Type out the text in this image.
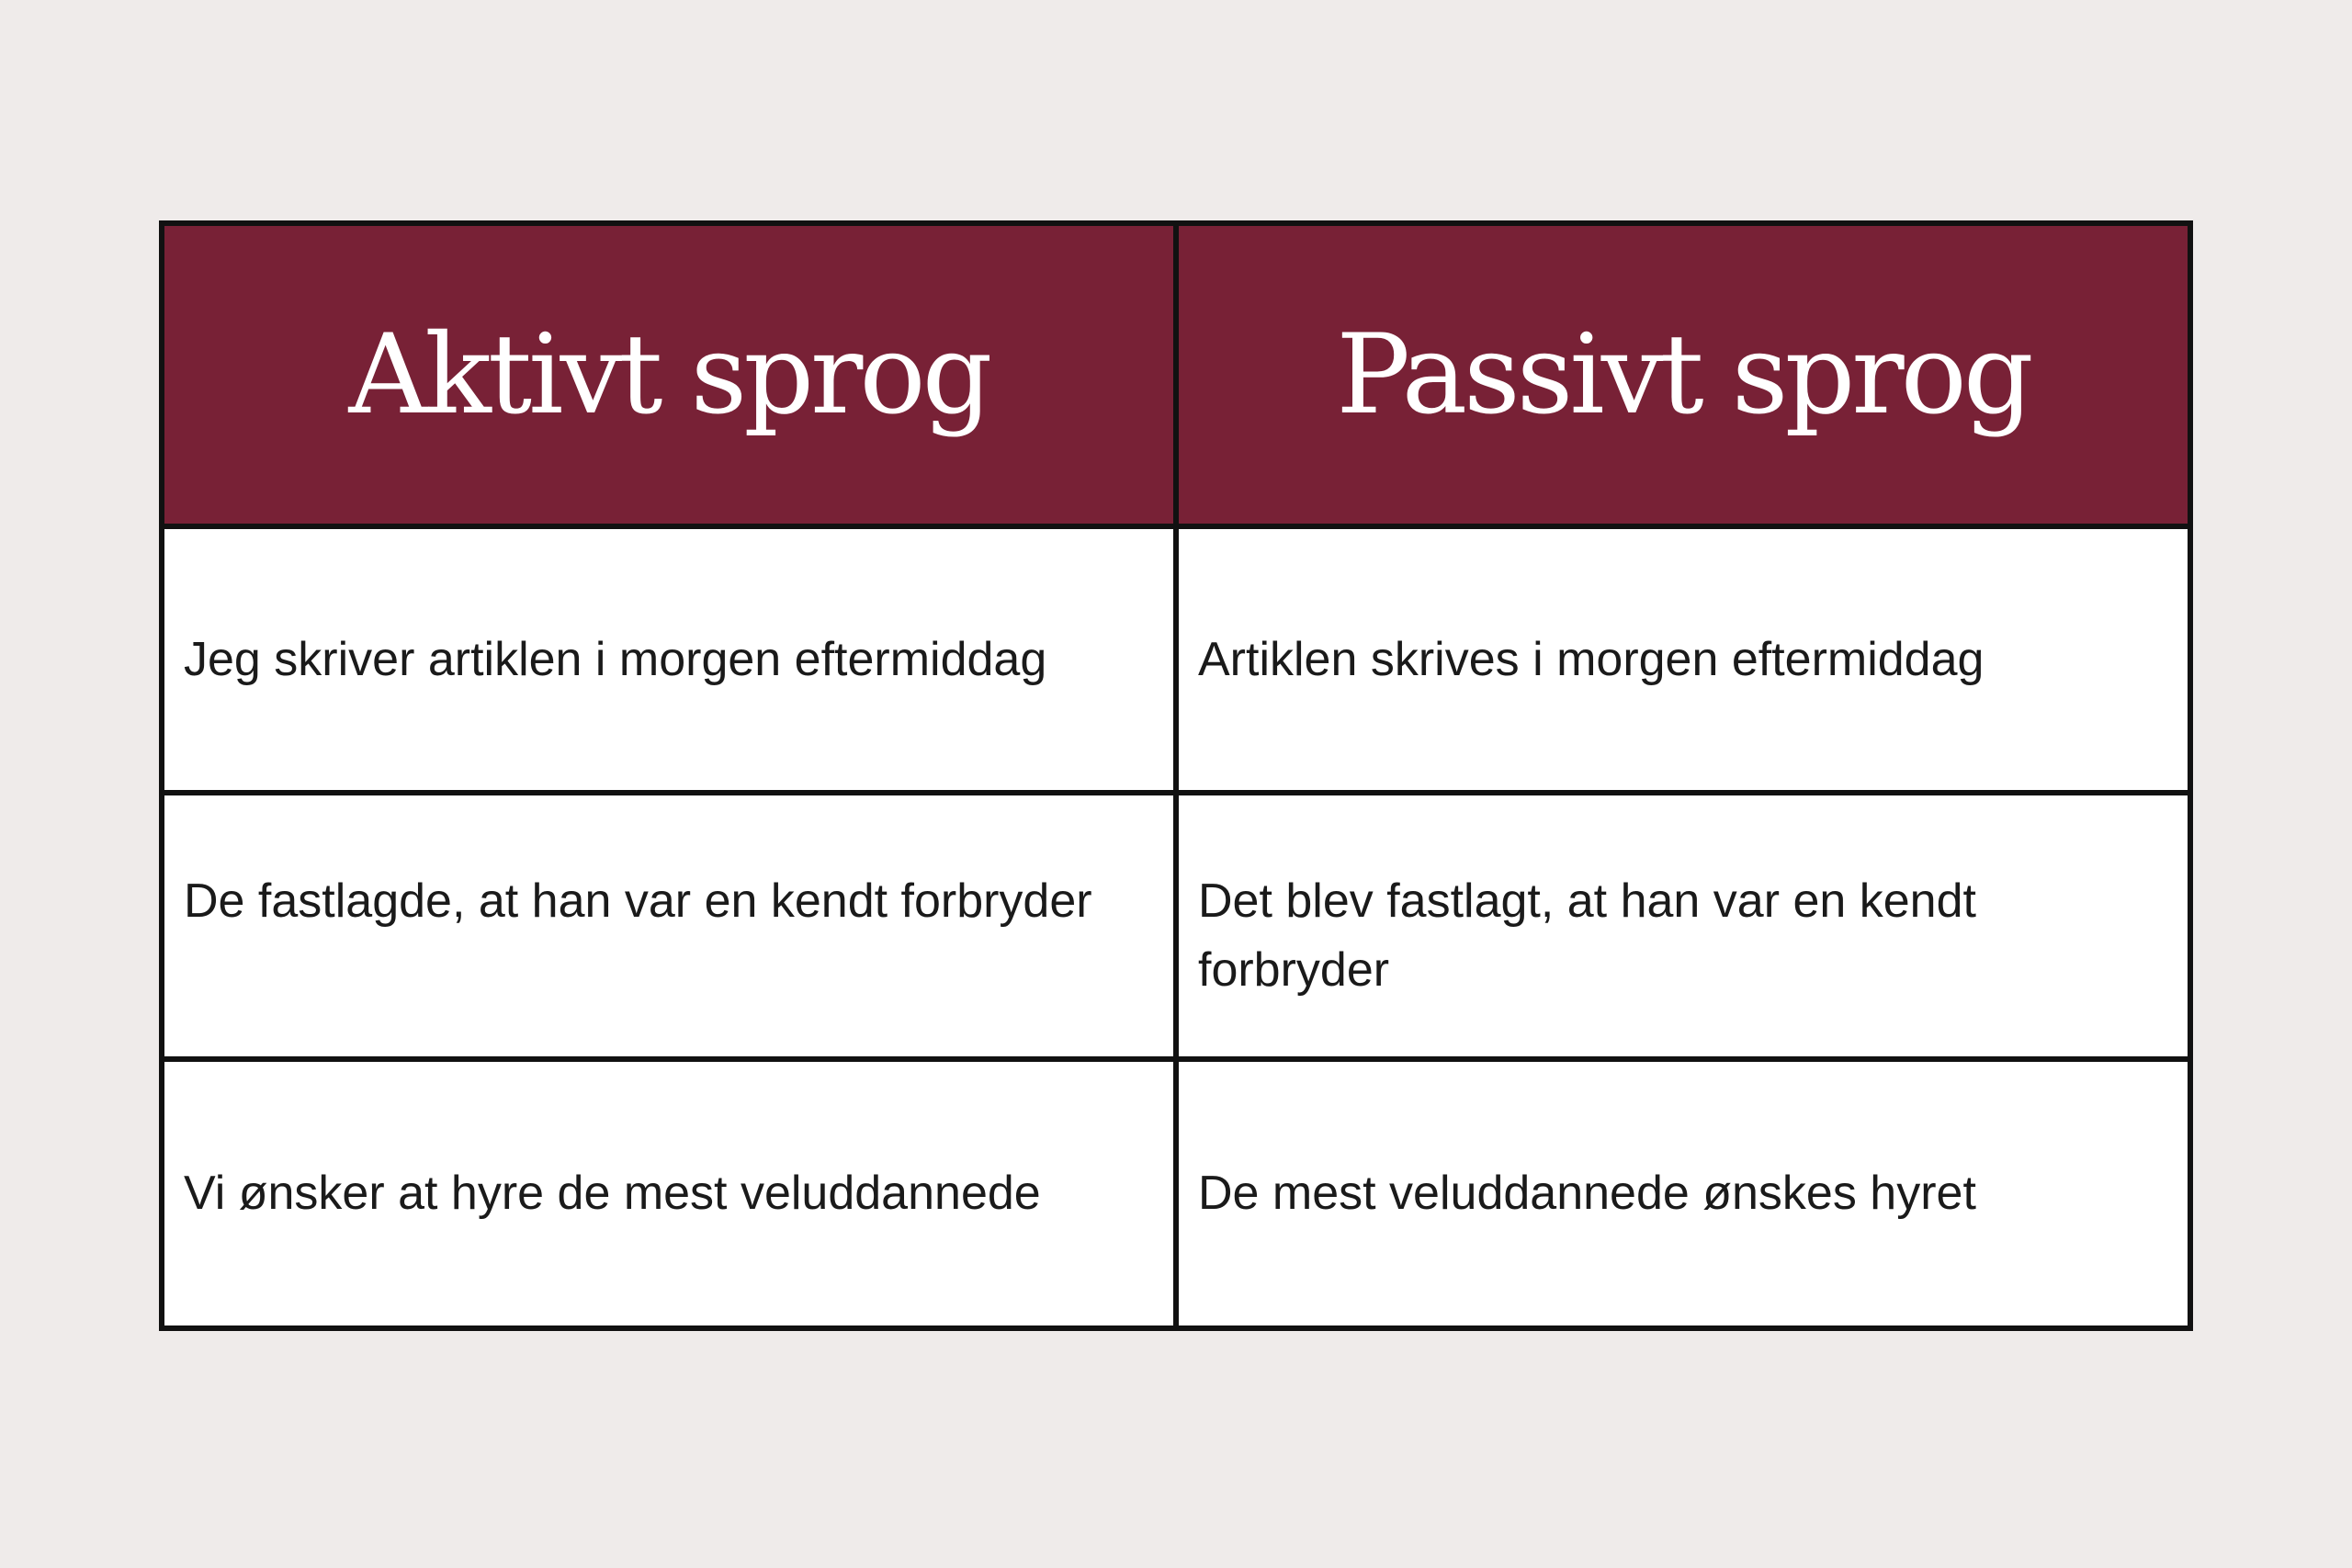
Aktivt sprog	Passivt sprog
Jeg skriver artiklen i morgen eftermiddag	Artiklen skrives i morgen eftermiddag
De fastlagde, at han var en kendt forbryder	Det blev fastlagt, at han var en kendt forbryder
Vi ønsker at hyre de mest veluddannede	De mest veluddannede ønskes hyret
